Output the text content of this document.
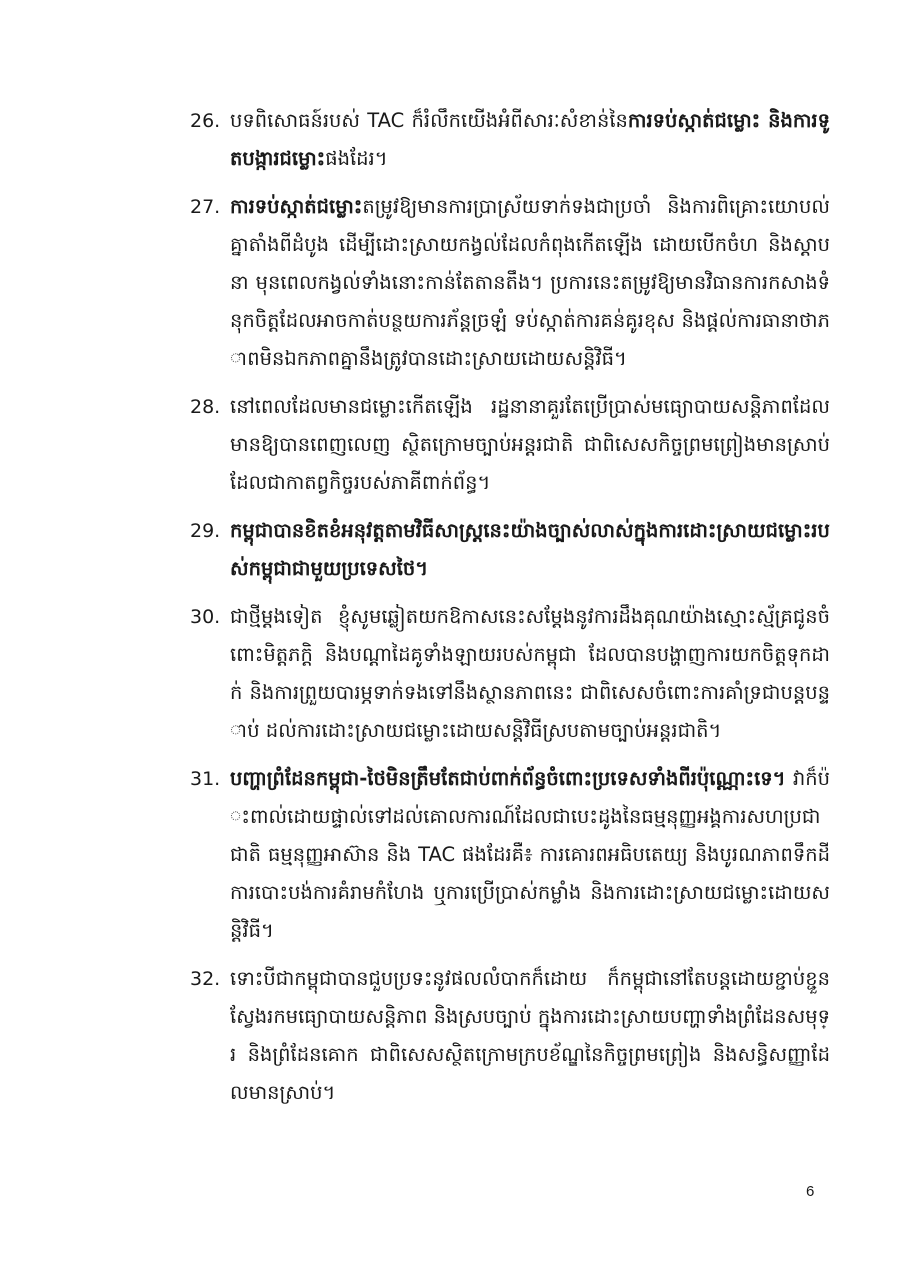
26. បទពិសោធន៍របស់ TAC ក៏រំលឹកយើងអំពីសារៈសំខាន់នៃការទប់ស្កាត់ជម្លោះ និងការទូតបង្ការជម្លោះផងដែរ។
27. ការទប់ស្កាត់ជម្លោះតម្រូវឱ្យមានការប្រាស្រ័យទាក់ទងជាប្រចាំ និងការពិគ្រោះយោបល់គ្នាតាំងពីដំបូង ដើម្បីដោះស្រាយកង្វល់ដែលកំពុងកើតឡើង ដោយបើកចំហ និងស្តាបនា មុនពេលកង្វល់ទាំងនោះកាន់តែតានតឹង។ ប្រការនេះតម្រូវឱ្យមានវិធានការកសាងទំនុកចិត្តដែលអាចកាត់បន្ថយការភ័ន្តច្រឡំ ទប់ស្កាត់ការគន់គូរខុស និងផ្តល់ការធានាថាភាពមិនឯកភាពគ្នានឹងត្រូវបានដោះស្រាយដោយសន្តិវិធី។
28. នៅពេលដែលមានជម្លោះកើតឡើង រដ្ឋនានាគួរតែប្រើប្រាស់មធ្យោបាយសន្តិភាពដែលមានឱ្យបានពេញលេញ ស្ថិតក្រោមច្បាប់អន្តរជាតិ ជាពិសេសកិច្ចព្រមព្រៀងមានស្រាប់ ដែលជាកាតព្វកិច្ចរបស់ភាគីពាក់ព័ន្ធ។
29. កម្ពុជាបានខិតខំអនុវត្តតាមវិធីសាស្ត្រនេះយ៉ាងច្បាស់លាស់ក្នុងការដោះស្រាយជម្លោះរបស់កម្ពុជាជាមួយប្រទេសថៃ។
30. ជាថ្មីម្តងទៀត ខ្ញុំសូមឆ្លៀតយកឱកាសនេះសម្តែងនូវការដឹងគុណយ៉ាងស្មោះស្ម័គ្រជូនចំពោះមិត្តភក្តិ និងបណ្តាដៃគូទាំងឡាយរបស់កម្ពុជា ដែលបានបង្ហាញការយកចិត្តទុកដាក់ និងការព្រួយបារម្ភទាក់ទងទៅនឹងស្ថានភាពនេះ ជាពិសេសចំពោះការគាំទ្រជាបន្តបន្ទាប់ ដល់ការដោះស្រាយជម្លោះដោយសន្តិវិធីស្របតាមច្បាប់អន្តរជាតិ។
31. បញ្ហាព្រំដែនកម្ពុជា-ថៃមិនត្រឹមតែជាប់ពាក់ព័ន្ធចំពោះប្រទេសទាំងពីរប៉ុណ្ណោះទេ។ វាក៏ប៉ះពាល់ដោយផ្ទាល់ទៅដល់គោលការណ៍ដែលជាបេះដូងនៃធម្មនុញ្ញអង្គការសហប្រជាជាតិ ធម្មនុញ្ញអាស៊ាន និង TAC ផងដែរគឺ៖ ការគោរពអធិបតេយ្យ និងបូរណភាពទឹកដី ការបោះបង់ការគំរាមកំហែង ឬការប្រើប្រាស់កម្លាំង និងការដោះស្រាយជម្លោះដោយសន្តិវិធី។
32. ទោះបីជាកម្ពុជាបានជួបប្រទះនូវផលលំបាកក៏ដោយ ក៏កម្ពុជានៅតែបន្តដោយខ្ជាប់ខ្ជួនស្វែងរកមធ្យោបាយសន្តិភាព និងស្របច្បាប់ ក្នុងការដោះស្រាយបញ្ហាទាំងព្រំដែនសមុទ្រ និងព្រំដែនគោក ជាពិសេសស្ថិតក្រោមក្របខ័ណ្ឌនៃកិច្ចព្រមព្រៀង និងសន្ធិសញ្ញាដែលមានស្រាប់។
6
